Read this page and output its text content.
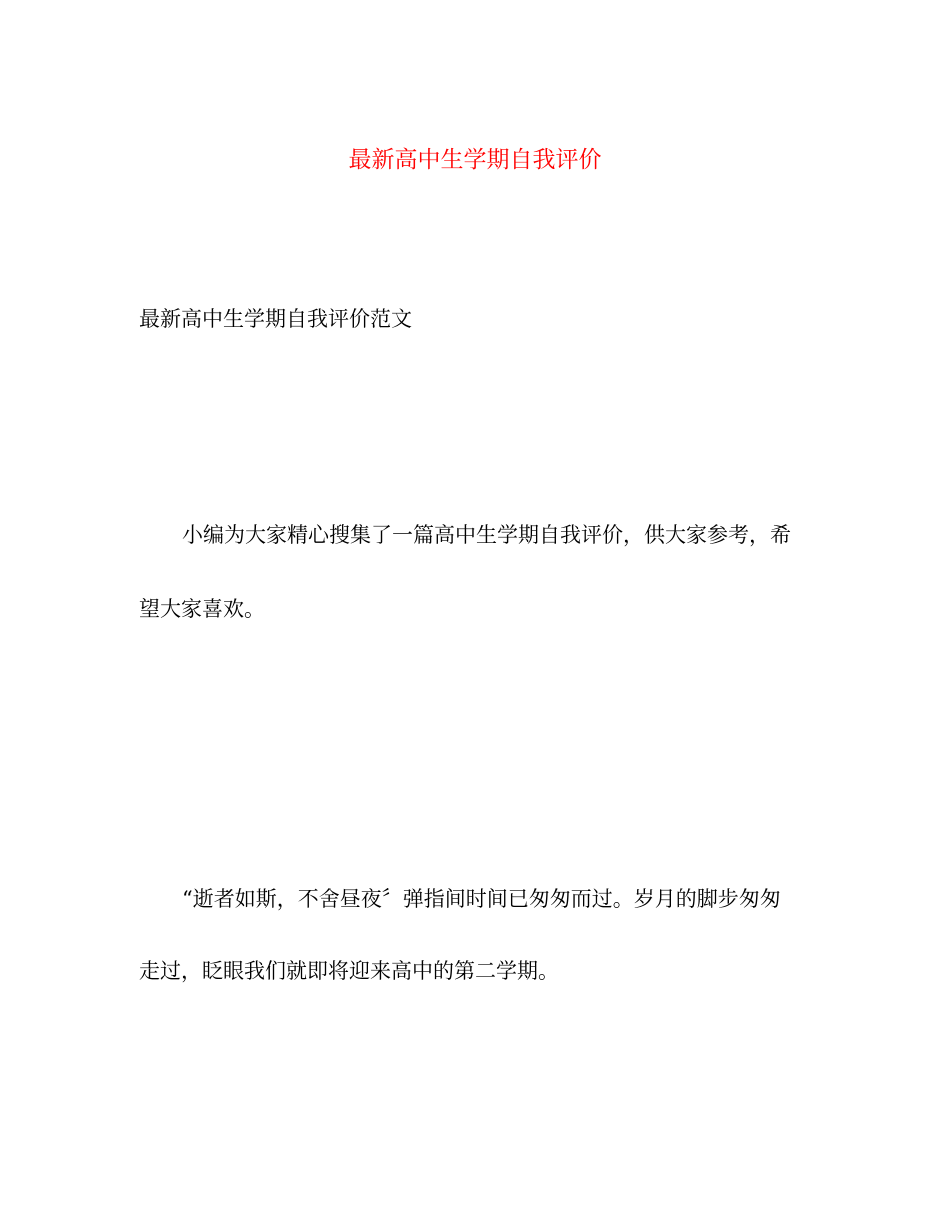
最新高中生学期自我评价
最新高中生学期自我评价范文
小编为大家精心搜集了一篇高中生学期自我评价，供大家参考，希
望大家喜欢。
“逝者如斯，不舍昼夜〞弹指间时间已匆匆而过。岁月的脚步匆匆
走过，眨眼我们就即将迎来高中的第二学期。
